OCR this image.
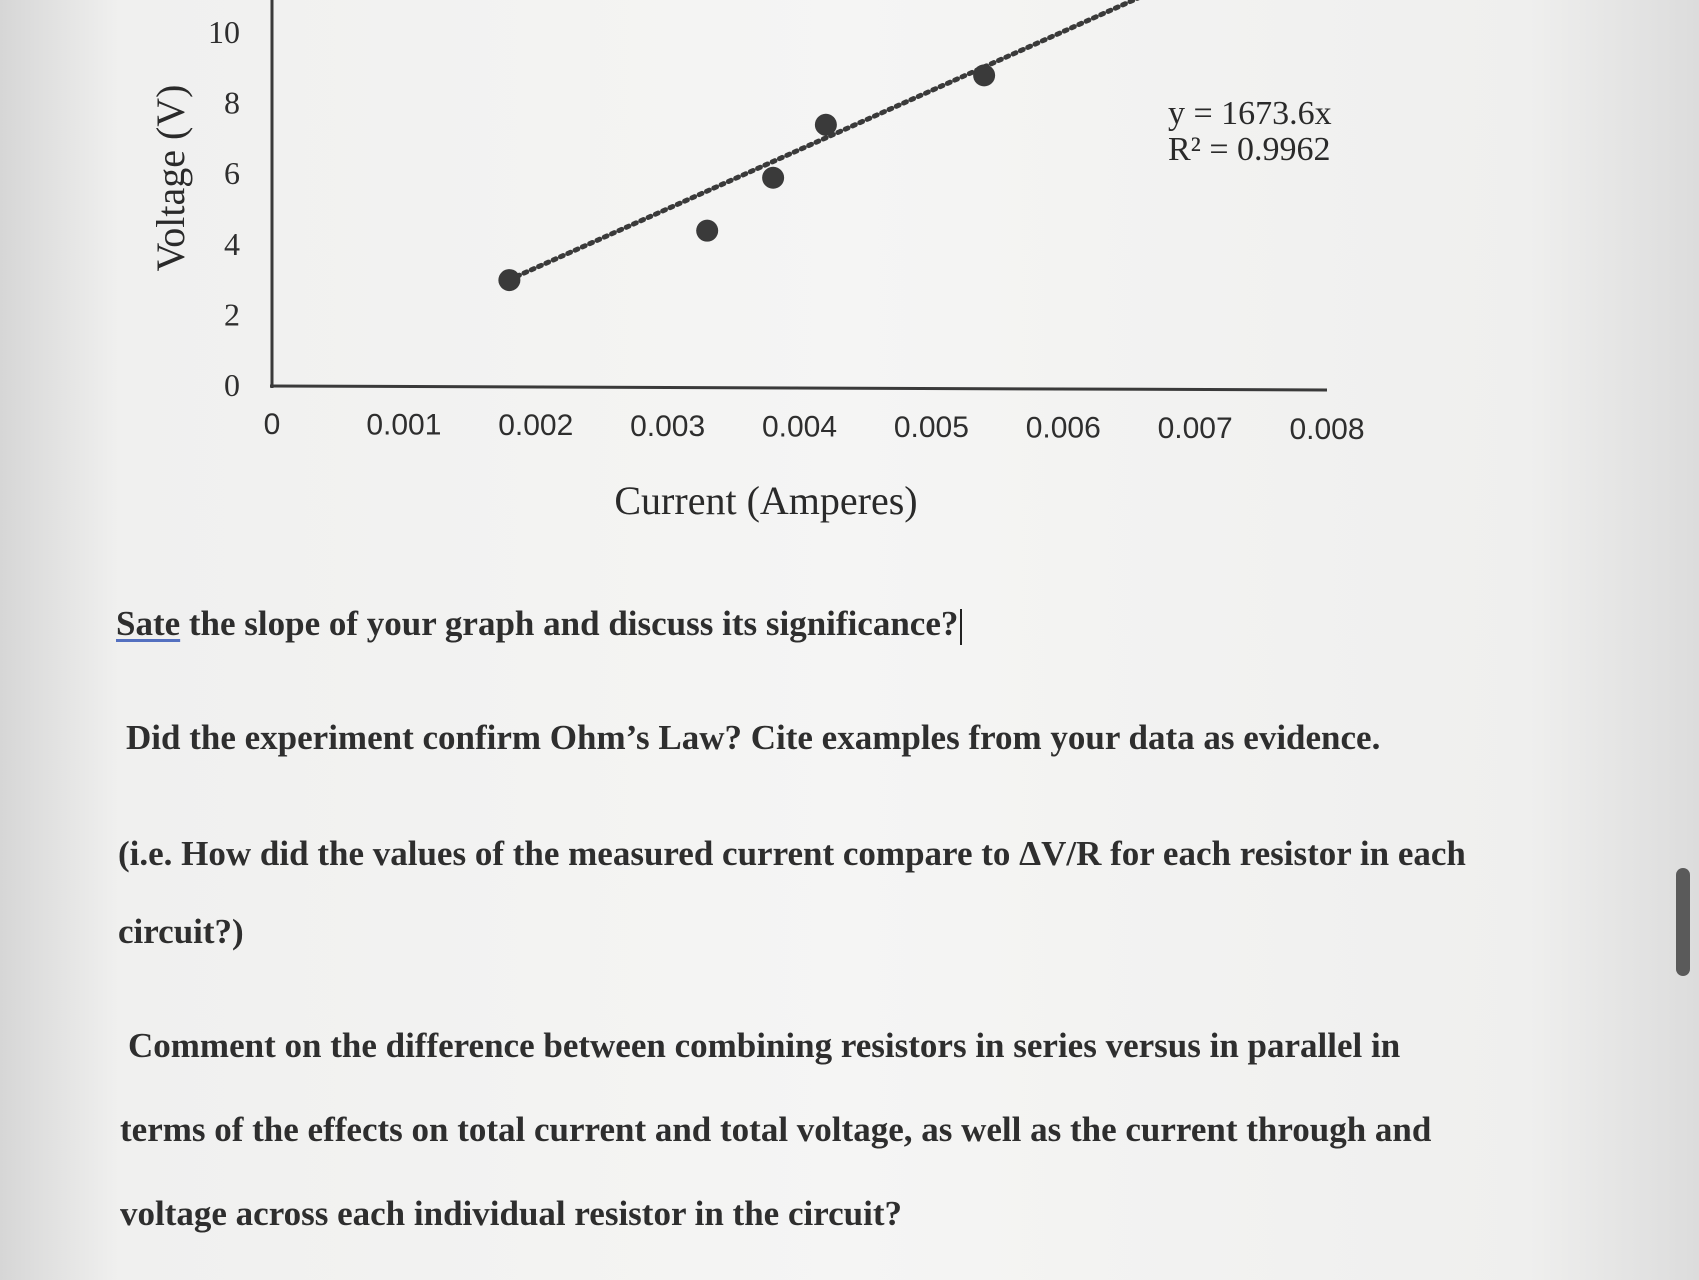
0	0.001 0.002 0.003 0.004 0.005 0.006 0.007 0.008
0
2
4
6
8
10
Current (Amperes)
Voltage (V)	y = 1673.6x
R² = 0.9962
Sate the slope of your graph and discuss its significance?
Did the experiment confirm Ohm’s Law? Cite examples from your data as evidence.
(i.e. How did the values of the measured current compare to ΔV/R for each resistor in each
circuit?)
Comment on the difference between combining resistors in series versus in parallel in
terms of the effects on total current and total voltage, as well as the current through and
voltage across each individual resistor in the circuit?
